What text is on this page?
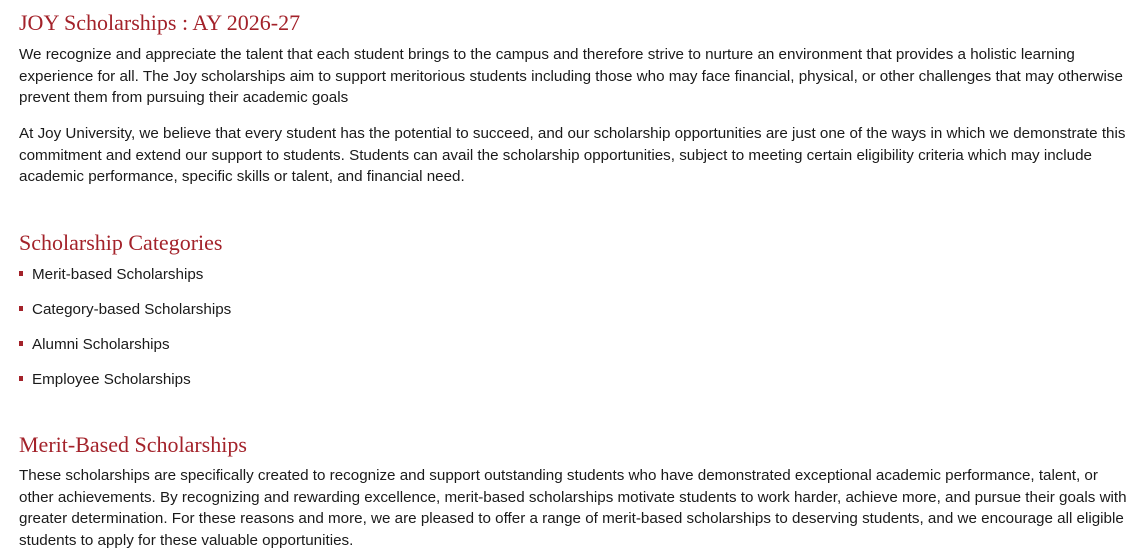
JOY Scholarships : AY 2026-27

We recognize and appreciate the talent that each student brings to the campus and therefore strive to nurture an environment that provides a holistic learning experience for all. The Joy scholarships aim to support meritorious students including those who may face financial, physical, or other challenges that may otherwise prevent them from pursuing their academic goals

At Joy University, we believe that every student has the potential to succeed, and our scholarship opportunities are just one of the ways in which we demonstrate this commitment and extend our support to students. Students can avail the scholarship opportunities, subject to meeting certain eligibility criteria which may include academic performance, specific skills or talent, and financial need.

Scholarship Categories
Merit-based Scholarships
Category-based Scholarships
Alumni Scholarships
Employee Scholarships
Merit-Based Scholarships

These scholarships are specifically created to recognize and support outstanding students who have demonstrated exceptional academic performance, talent, or other achievements. By recognizing and rewarding excellence, merit-based scholarships motivate students to work harder, achieve more, and pursue their goals with greater determination. For these reasons and more, we are pleased to offer a range of merit-based scholarships to deserving students, and we encourage all eligible students to apply for these valuable opportunities.
